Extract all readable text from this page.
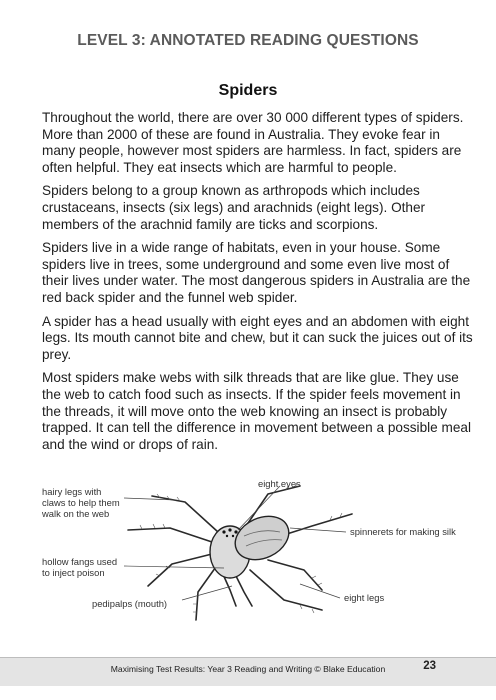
LEVEL 3: ANNOTATED READING QUESTIONS
Spiders

Throughout the world, there are over 30 000 different types of spiders. More than 2000 of these are found in Australia. They evoke fear in many people, however most spiders are harmless. In fact, spiders are often helpful. They eat insects which are harmful to people.

Spiders belong to a group known as arthropods which includes crustaceans, insects (six legs) and arachnids (eight legs). Other members of the arachnid family are ticks and scorpions.

Spiders live in a wide range of habitats, even in your house. Some spiders live in trees, some underground and some even live most of their lives under water. The most dangerous spiders in Australia are the red back spider and the funnel web spider.

A spider has a head usually with eight eyes and an abdomen with eight legs. Its mouth cannot bite and chew, but it can suck the juices out of its prey.

Most spiders make webs with silk threads that are like glue. They use the web to catch food such as insects. If the spider feels movement in the threads, it will move onto the web knowing an insect is probably trapped. It can tell the difference in movement between a possible meal and the wind or drops of rain.

hairy legs with
claws to help them
walk on the web
eight eyes
spinnerets for making silk
hollow fangs used
to inject poison
eight legs
pedipalps (mouth)
Maximising Test Results: Year 3 Reading and Writing © Blake Education	23
